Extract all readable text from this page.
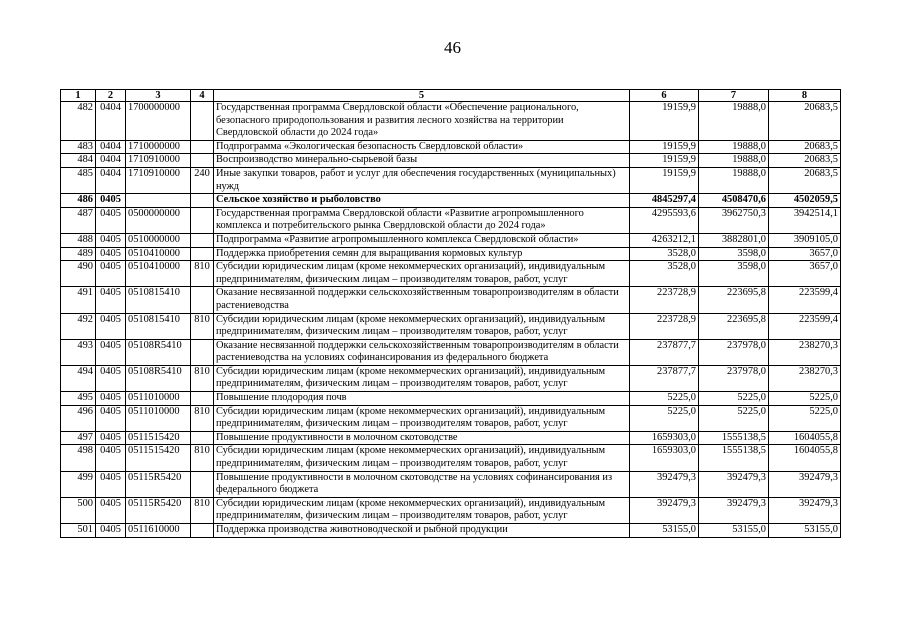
46
1	2	3	4	5	6	7	8
482	0404	1700000000		Государственная программа Свердловской области «Обеспечение рационального, безопасного природопользования и развития лесного хозяйства на территории Свердловской области до 2024 года»	19159,9	19888,0	20683,5
483	0404	1710000000		Подпрограмма «Экологическая безопасность Свердловской области»	19159,9	19888,0	20683,5
484	0404	1710910000		Воспроизводство минерально-сырьевой базы	19159,9	19888,0	20683,5
485	0404	1710910000	240	Иные закупки товаров, работ и услуг для обеспечения государственных (муниципальных) нужд	19159,9	19888,0	20683,5
486	0405			Сельское хозяйство и рыболовство	4845297,4	4508470,6	4502059,5
487	0405	0500000000		Государственная программа Свердловской области «Развитие агропромышленного комплекса и потребительского рынка Свердловской области до 2024 года»	4295593,6	3962750,3	3942514,1
488	0405	0510000000		Подпрограмма «Развитие агропромышленного комплекса Свердловской области»	4263212,1	3882801,0	3909105,0
489	0405	0510410000		Поддержка приобретения семян для выращивания кормовых культур	3528,0	3598,0	3657,0
490	0405	0510410000	810	Субсидии юридическим лицам (кроме некоммерческих организаций), индивидуальным предпринимателям, физическим лицам – производителям товаров, работ, услуг	3528,0	3598,0	3657,0
491	0405	0510815410		Оказание несвязанной поддержки сельскохозяйственным товаропроизводителям в области растениеводства	223728,9	223695,8	223599,4
492	0405	0510815410	810	Субсидии юридическим лицам (кроме некоммерческих организаций), индивидуальным предпринимателям, физическим лицам – производителям товаров, работ, услуг	223728,9	223695,8	223599,4
493	0405	05108R5410		Оказание несвязанной поддержки сельскохозяйственным товаропроизводителям в области растениеводства на условиях софинансирования из федерального бюджета	237877,7	237978,0	238270,3
494	0405	05108R5410	810	Субсидии юридическим лицам (кроме некоммерческих организаций), индивидуальным предпринимателям, физическим лицам – производителям товаров, работ, услуг	237877,7	237978,0	238270,3
495	0405	0511010000		Повышение плодородия почв	5225,0	5225,0	5225,0
496	0405	0511010000	810	Субсидии юридическим лицам (кроме некоммерческих организаций), индивидуальным предпринимателям, физическим лицам – производителям товаров, работ, услуг	5225,0	5225,0	5225,0
497	0405	0511515420		Повышение продуктивности в молочном скотоводстве	1659303,0	1555138,5	1604055,8
498	0405	0511515420	810	Субсидии юридическим лицам (кроме некоммерческих организаций), индивидуальным предпринимателям, физическим лицам – производителям товаров, работ, услуг	1659303,0	1555138,5	1604055,8
499	0405	05115R5420		Повышение продуктивности в молочном скотоводстве на условиях софинансирования из федерального бюджета	392479,3	392479,3	392479,3
500	0405	05115R5420	810	Субсидии юридическим лицам (кроме некоммерческих организаций), индивидуальным предпринимателям, физическим лицам – производителям товаров, работ, услуг	392479,3	392479,3	392479,3
501	0405	0511610000		Поддержка производства животноводческой и рыбной продукции	53155,0	53155,0	53155,0
